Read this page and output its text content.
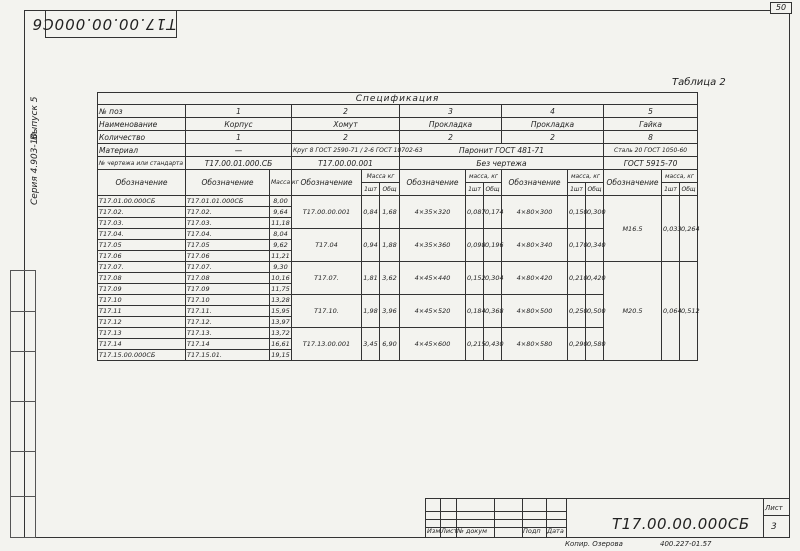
50
T17.00.00.000C6
Серия 4.903-10
Выпуск 5
Таблица 2
Спецификация														
№ поз	1		2			3			4			5		
Наименование	Корпус		Хомут			Прокладка			Прокладка			Гайка		
Количество	1		2			2			2			8		
Материал	—		Круг 8 ГОСТ 2590-71 / 2-6 ГОСТ 10702-63			Паронит ГОСТ 481-71						Сталь 20 ГОСТ 1050-60		
№ чертежа или стандарта	Т17.00.01.000.СБ		Т17.00.00.001			Без чертежа						ГОСТ 5915-70		
Обозначение	Обозначение	Масса кг	Обозначение	Масса кг		Обозначение	масса, кг		Обозначение	масса, кг		Обозначение	масса, кг	
				1шт	Общ		1шт	Общ		1шт	Общ		1шт	Общ
Т17.01.00.000СБ	Т17.01.01.000СБ	8,00	Т17.00.00.001	0,84	1,68	4×35×320	0,087	0,174	4×80×300	0,150	0,300	М16.5	0,033	0,264
Т17.02.	Т17.02.	9,64												
Т17.03.	Т17.03.	11,18												
Т17.04.	Т17.04.	8,04	Т17.04	0,94	1,88	4×35×360	0,098	0,196	4×80×340	0,170	0,340			
Т17.05	Т17.05	9,62												
Т17.06	Т17.06	11,21												
Т17.07.	Т17.07.	9,30	Т17.07.	1,81	3,62	4×45×440	0,152	0,304	4×80×420	0,210	0,420	М20.5	0,064	0,512
Т17.08	Т17.08	10,16												
Т17.09	Т17.09	11,75												
Т17.10	Т17.10	13,28	Т17.10.	1,98	3,96	4×45×520	0,184	0,368	4×80×500	0,250	0,500			
Т17.11	Т17.11.	15,95												
Т17.12	Т17.12.	13,97												
Т17.13	Т17.13.	13,72	Т17.13.00.001	3,45	6,90	4×45×600	0,215	0,430	4×80×580	0,290	0,580			
Т17.14	Т17.14	16,61												
Т17.15.00.000СБ	Т17.15.01.	19,15												
Т17.00.00.000СБ
Лист
3
Изм Лист № докум	Подп Дата
Копир. Озерова	400.227-01.57
